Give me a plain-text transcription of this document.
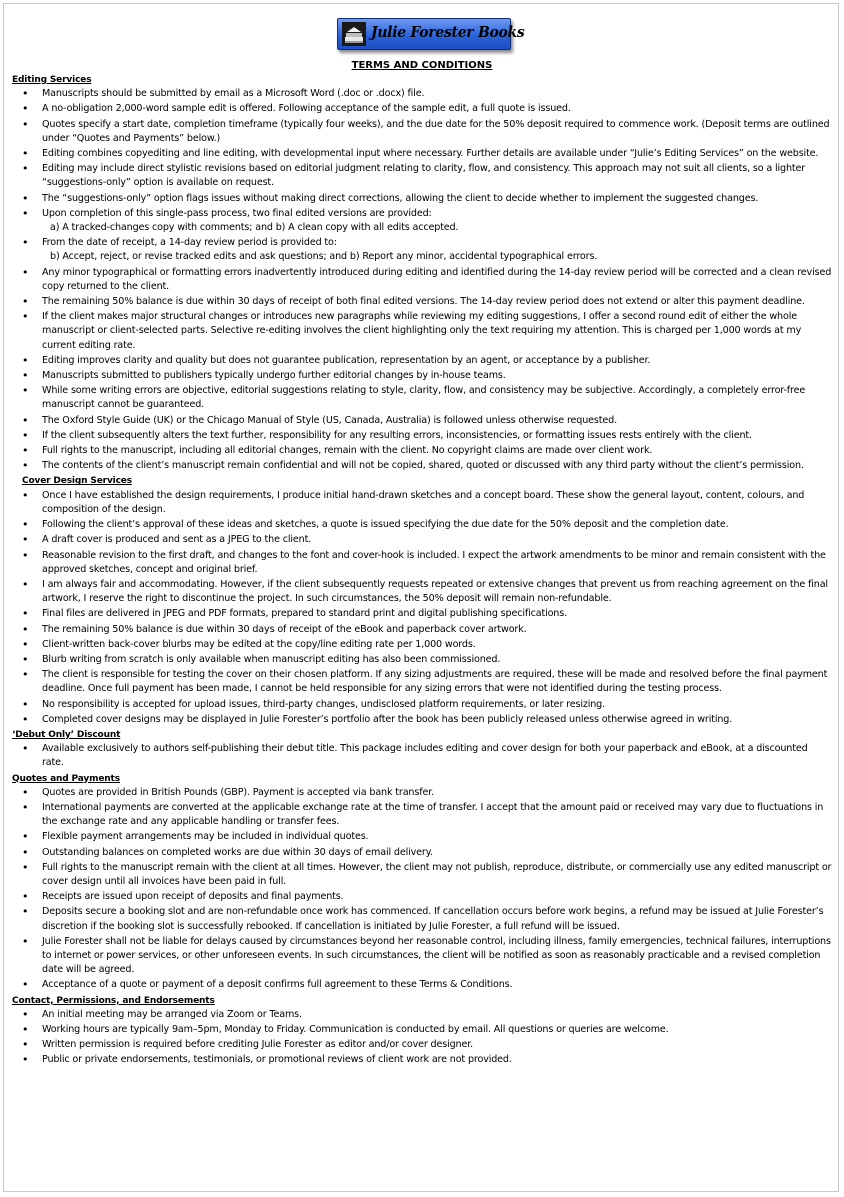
Julie Forester Books
TERMS AND CONDITIONS
Editing Services
• Manuscripts should be submitted by email as a Microsoft Word (.doc or .docx) file.
• A no-obligation 2,000-word sample edit is offered. Following acceptance of the sample edit, a full quote is issued.
• Quotes specify a start date, completion timeframe (typically four weeks), and the due date for the 50% deposit required to commence work. (Deposit terms are outlined under “Quotes and Payments” below.)
• Editing combines copyediting and line editing, with developmental input where necessary. Further details are available under “Julie’s Editing Services” on the website.
• Editing may include direct stylistic revisions based on editorial judgment relating to clarity, flow, and consistency. This approach may not suit all clients, so a lighter “suggestions-only” option is available on request.
• The “suggestions-only” option flags issues without making direct corrections, allowing the client to decide whether to implement the suggested changes.
• Upon completion of this single-pass process, two final edited versions are provided:
a) A tracked-changes copy with comments; and b) A clean copy with all edits accepted.
• From the date of receipt, a 14-day review period is provided to:
b) Accept, reject, or revise tracked edits and ask questions; and b) Report any minor, accidental typographical errors.
• Any minor typographical or formatting errors inadvertently introduced during editing and identified during the 14-day review period will be corrected and a clean revised copy returned to the client.
• The remaining 50% balance is due within 30 days of receipt of both final edited versions. The 14-day review period does not extend or alter this payment deadline.
• If the client makes major structural changes or introduces new paragraphs while reviewing my editing suggestions, I offer a second round edit of either the whole manuscript or client-selected parts. Selective re-editing involves the client highlighting only the text requiring my attention. This is charged per 1,000 words at my current editing rate.
• Editing improves clarity and quality but does not guarantee publication, representation by an agent, or acceptance by a publisher.
• Manuscripts submitted to publishers typically undergo further editorial changes by in-house teams.
• While some writing errors are objective, editorial suggestions relating to style, clarity, flow, and consistency may be subjective. Accordingly, a completely error-free manuscript cannot be guaranteed.
• The Oxford Style Guide (UK) or the Chicago Manual of Style (US, Canada, Australia) is followed unless otherwise requested.
• If the client subsequently alters the text further, responsibility for any resulting errors, inconsistencies, or formatting issues rests entirely with the client.
• Full rights to the manuscript, including all editorial changes, remain with the client. No copyright claims are made over client work.
• The contents of the client’s manuscript remain confidential and will not be copied, shared, quoted or discussed with any third party without the client’s permission.
Cover Design Services
• Once I have established the design requirements, I produce initial hand-drawn sketches and a concept board. These show the general layout, content, colours, and composition of the design.
• Following the client’s approval of these ideas and sketches, a quote is issued specifying the due date for the 50% deposit and the completion date.
• A draft cover is produced and sent as a JPEG to the client.
• Reasonable revision to the first draft, and changes to the font and cover-hook is included. I expect the artwork amendments to be minor and remain consistent with the approved sketches, concept and original brief.
• I am always fair and accommodating. However, if the client subsequently requests repeated or extensive changes that prevent us from reaching agreement on the final artwork, I reserve the right to discontinue the project. In such circumstances, the 50% deposit will remain non-refundable.
• Final files are delivered in JPEG and PDF formats, prepared to standard print and digital publishing specifications.
• The remaining 50% balance is due within 30 days of receipt of the eBook and paperback cover artwork.
• Client-written back-cover blurbs may be edited at the copy/line editing rate per 1,000 words.
• Blurb writing from scratch is only available when manuscript editing has also been commissioned.
• The client is responsible for testing the cover on their chosen platform. If any sizing adjustments are required, these will be made and resolved before the final payment deadline. Once full payment has been made, I cannot be held responsible for any sizing errors that were not identified during the testing process.
• No responsibility is accepted for upload issues, third-party changes, undisclosed platform requirements, or later resizing.
• Completed cover designs may be displayed in Julie Forester’s portfolio after the book has been publicly released unless otherwise agreed in writing.
‘Debut Only’ Discount
• Available exclusively to authors self-publishing their debut title. This package includes editing and cover design for both your paperback and eBook, at a discounted rate.
Quotes and Payments
• Quotes are provided in British Pounds (GBP). Payment is accepted via bank transfer.
• International payments are converted at the applicable exchange rate at the time of transfer. I accept that the amount paid or received may vary due to fluctuations in the exchange rate and any applicable handling or transfer fees.
• Flexible payment arrangements may be included in individual quotes.
• Outstanding balances on completed works are due within 30 days of email delivery.
• Full rights to the manuscript remain with the client at all times. However, the client may not publish, reproduce, distribute, or commercially use any edited manuscript or cover design until all invoices have been paid in full.
• Receipts are issued upon receipt of deposits and final payments.
• Deposits secure a booking slot and are non-refundable once work has commenced. If cancellation occurs before work begins, a refund may be issued at Julie Forester’s discretion if the booking slot is successfully rebooked. If cancellation is initiated by Julie Forester, a full refund will be issued.
• Julie Forester shall not be liable for delays caused by circumstances beyond her reasonable control, including illness, family emergencies, technical failures, interruptions to internet or power services, or other unforeseen events. In such circumstances, the client will be notified as soon as reasonably practicable and a revised completion date will be agreed.
• Acceptance of a quote or payment of a deposit confirms full agreement to these Terms & Conditions.
Contact, Permissions, and Endorsements
• An initial meeting may be arranged via Zoom or Teams.
• Working hours are typically 9am–5pm, Monday to Friday. Communication is conducted by email. All questions or queries are welcome.
• Written permission is required before crediting Julie Forester as editor and/or cover designer.
• Public or private endorsements, testimonials, or promotional reviews of client work are not provided.
